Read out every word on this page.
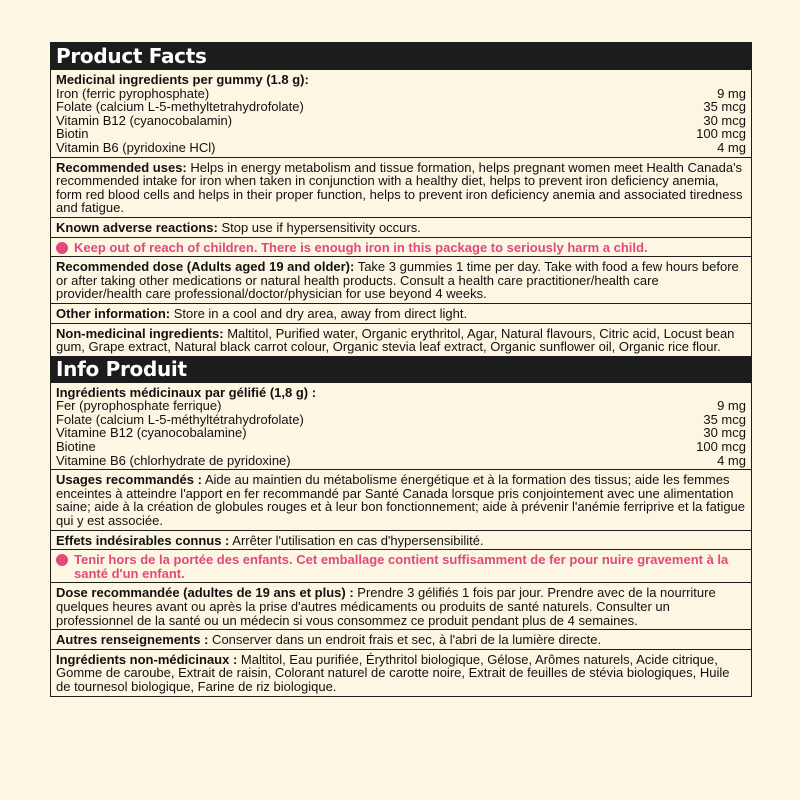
Product Facts
Medicinal ingredients per gummy (1.8 g):
Iron (ferric pyrophosphate)	9 mg
Folate (calcium L-5-methyltetrahydrofolate)	35 mcg
Vitamin B12 (cyanocobalamin)	30 mcg
Biotin	100 mcg
Vitamin B6 (pyridoxine HCl)	4 mg
Recommended uses: Helps in energy metabolism and tissue formation, helps pregnant women meet Health Canada's recommended intake for iron when taken in conjunction with a healthy diet, helps to prevent iron deficiency anemia, form red blood cells and helps in their proper function, helps to prevent iron deficiency anemia and associated tiredness and fatigue.
Known adverse reactions: Stop use if hypersensitivity occurs.
Keep out of reach of children. There is enough iron in this package to seriously harm a child.
Recommended dose (Adults aged 19 and older): Take 3 gummies 1 time per day. Take with food a few hours before or after taking other medications or natural health products. Consult a health care practitioner/health care provider/health care professional/doctor/physician for use beyond 4 weeks.
Other information: Store in a cool and dry area, away from direct light.
Non-medicinal ingredients: Maltitol, Purified water, Organic erythritol, Agar, Natural flavours, Citric acid, Locust bean gum, Grape extract, Natural black carrot colour, Organic stevia leaf extract, Organic sunflower oil, Organic rice flour.
Info Produit
Ingrédients médicinaux par gélifié (1,8 g) :
Fer (pyrophosphate ferrique)	9 mg
Folate (calcium L-5-méthyltétrahydrofolate)	35 mcg
Vitamine B12 (cyanocobalamine)	30 mcg
Biotine	100 mcg
Vitamine B6 (chlorhydrate de pyridoxine)	4 mg
Usages recommandés : Aide au maintien du métabolisme énergétique et à la formation des tissus; aide les femmes enceintes à atteindre l'apport en fer recommandé par Santé Canada lorsque pris conjointement avec une alimentation saine; aide à la création de globules rouges et à leur bon fonctionnement; aide à prévenir l'anémie ferriprive et la fatigue qui y est associée.
Effets indésirables connus : Arrêter l'utilisation en cas d'hypersensibilité.
Tenir hors de la portée des enfants. Cet emballage contient suffisamment de fer pour nuire gravement à la santé d'un enfant.
Dose recommandée (adultes de 19 ans et plus) : Prendre 3 gélifiés 1 fois par jour. Prendre avec de la nourriture quelques heures avant ou après la prise d'autres médicaments ou produits de santé naturels. Consulter un professionnel de la santé ou un médecin si vous consommez ce produit pendant plus de 4 semaines.
Autres renseignements : Conserver dans un endroit frais et sec, à l'abri de la lumière directe.
Ingrédients non-médicinaux : Maltitol, Eau purifiée, Érythritol biologique, Gélose, Arômes naturels, Acide citrique, Gomme de caroube, Extrait de raisin, Colorant naturel de carotte noire, Extrait de feuilles de stévia biologiques, Huile de tournesol biologique, Farine de riz biologique.
